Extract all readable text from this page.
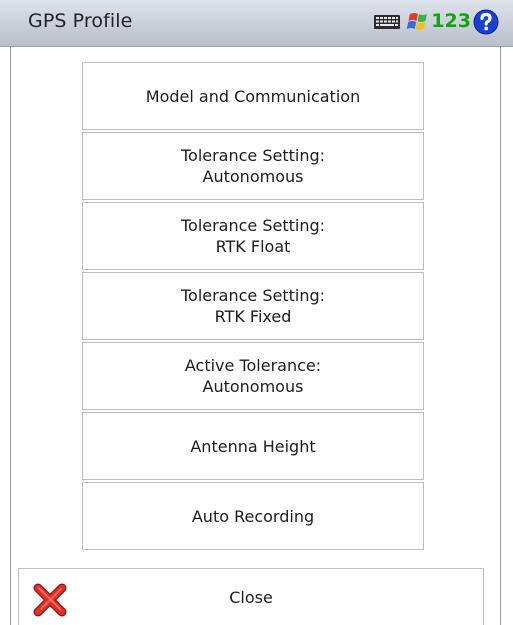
GPS Profile	1 2 3
Model and Communication
Tolerance Setting:
Autonomous
Tolerance Setting:
RTK Float
Tolerance Setting:
RTK Fixed
Active Tolerance:
Autonomous
Antenna Height
Auto Recording
Close
